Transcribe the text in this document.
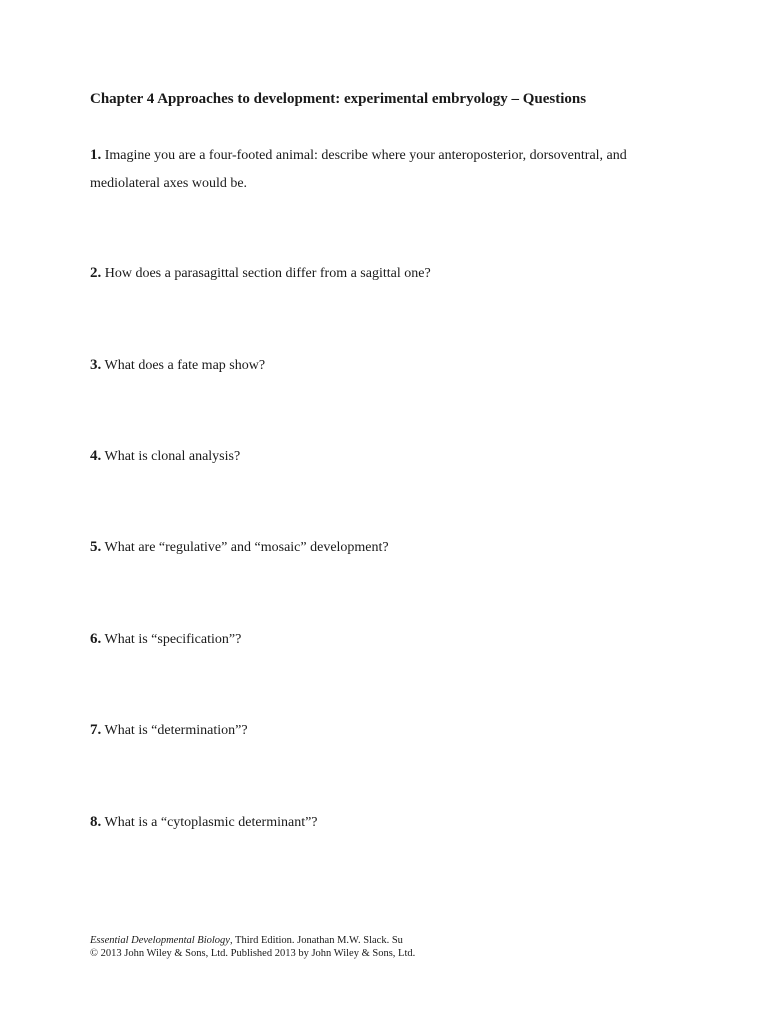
Chapter 4 Approaches to development: experimental embryology – Questions
1. Imagine you are a four-footed animal: describe where your anteroposterior, dorsoventral, and mediolateral axes would be.
2. How does a parasagittal section differ from a sagittal one?
3. What does a fate map show?
4. What is clonal analysis?
5. What are “regulative” and “mosaic” development?
6. What is “specification”?
7. What is “determination”?
8. What is a “cytoplasmic determinant”?
Essential Developmental Biology, Third Edition. Jonathan M.W. Slack. Su
© 2013 John Wiley & Sons, Ltd. Published 2013 by John Wiley & Sons, Ltd.
